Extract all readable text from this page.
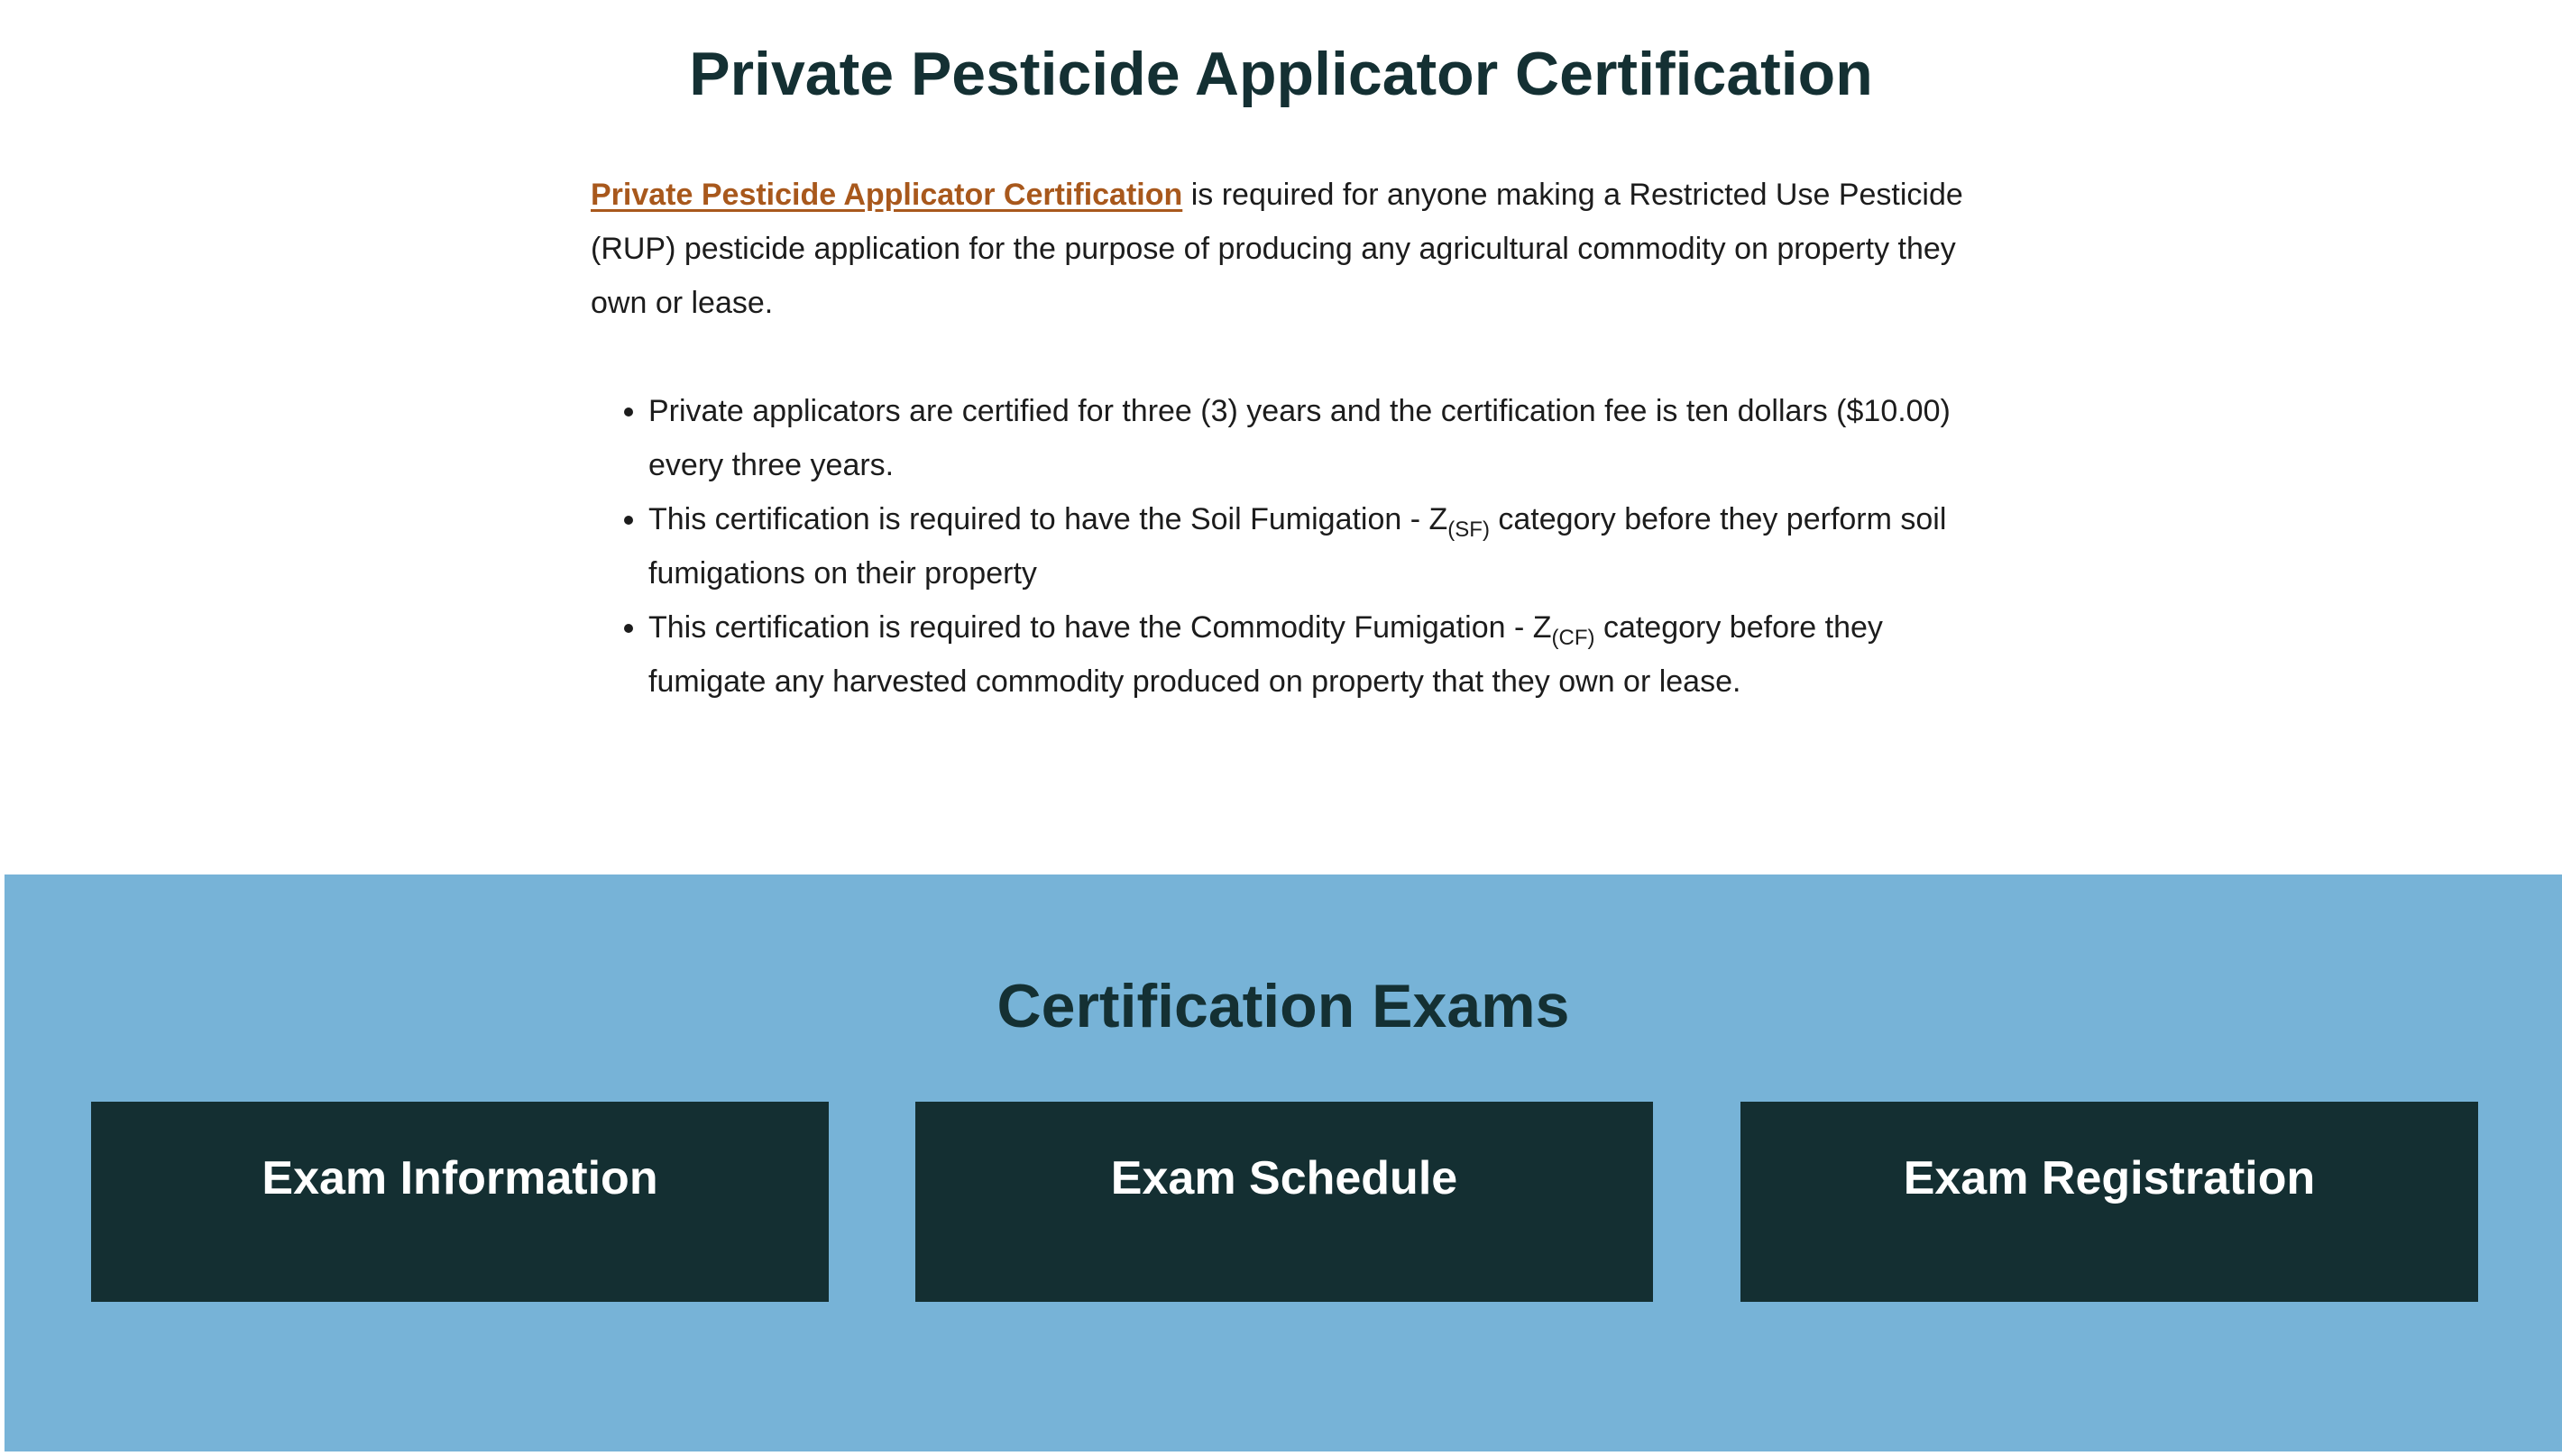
Private Pesticide Applicator Certification

Private Pesticide Applicator Certification is required for anyone making a Restricted Use Pesticide (RUP) pesticide application for the purpose of producing any agricultural commodity on property they own or lease.

• Private applicators are certified for three (3) years and the certification fee is ten dollars ($10.00) every three years.
• This certification is required to have the Soil Fumigation - $Z_{(SF)}$ category before they perform soil fumigations on their property
• This certification is required to have the Commodity Fumigation - $Z_{(CF)}$ category before they fumigate any harvested commodity produced on property that they own or lease.
Certification Exams
Exam Information	Exam Schedule	Exam Registration
